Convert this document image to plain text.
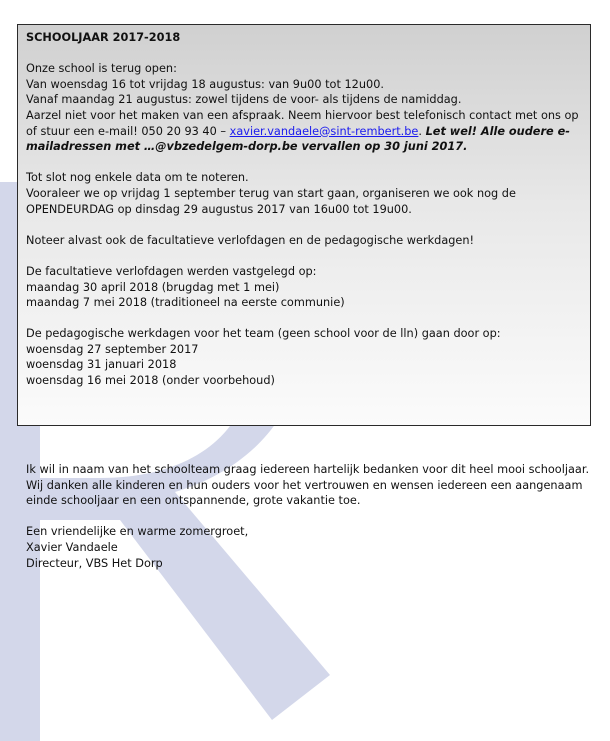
SCHOOLJAAR 2017-2018

Onze school is terug open:
Van woensdag 16 tot vrijdag 18 augustus: van 9u00 tot 12u00.
Vanaf maandag 21 augustus: zowel tijdens de voor- als tijdens de namiddag.
Aarzel niet voor het maken van een afspraak. Neem hiervoor best telefonisch contact met ons op
of stuur een e-mail! 050 20 93 40 – xavier.vandaele@sint-rembert.be. Let wel! Alle oudere e-
mailadressen met …@vbzedelgem-dorp.be vervallen op 30 juni 2017.

Tot slot nog enkele data om te noteren.
Vooraleer we op vrijdag 1 september terug van start gaan, organiseren we ook nog de
OPENDEURDAG op dinsdag 29 augustus 2017 van 16u00 tot 19u00.

Noteer alvast ook de facultatieve verlofdagen en de pedagogische werkdagen!

De facultatieve verlofdagen werden vastgelegd op:
maandag 30 april 2018 (brugdag met 1 mei)
maandag 7 mei 2018 (traditioneel na eerste communie)

De pedagogische werkdagen voor het team (geen school voor de lln) gaan door op:
woensdag 27 september 2017
woensdag 31 januari 2018
woensdag 16 mei 2018 (onder voorbehoud)

Ik wil in naam van het schoolteam graag iedereen hartelijk bedanken voor dit heel mooi schooljaar.
Wij danken alle kinderen en hun ouders voor het vertrouwen en wensen iedereen een aangenaam
einde schooljaar en een ontspannende, grote vakantie toe.

Een vriendelijke en warme zomergroet,
Xavier Vandaele
Directeur, VBS Het Dorp
